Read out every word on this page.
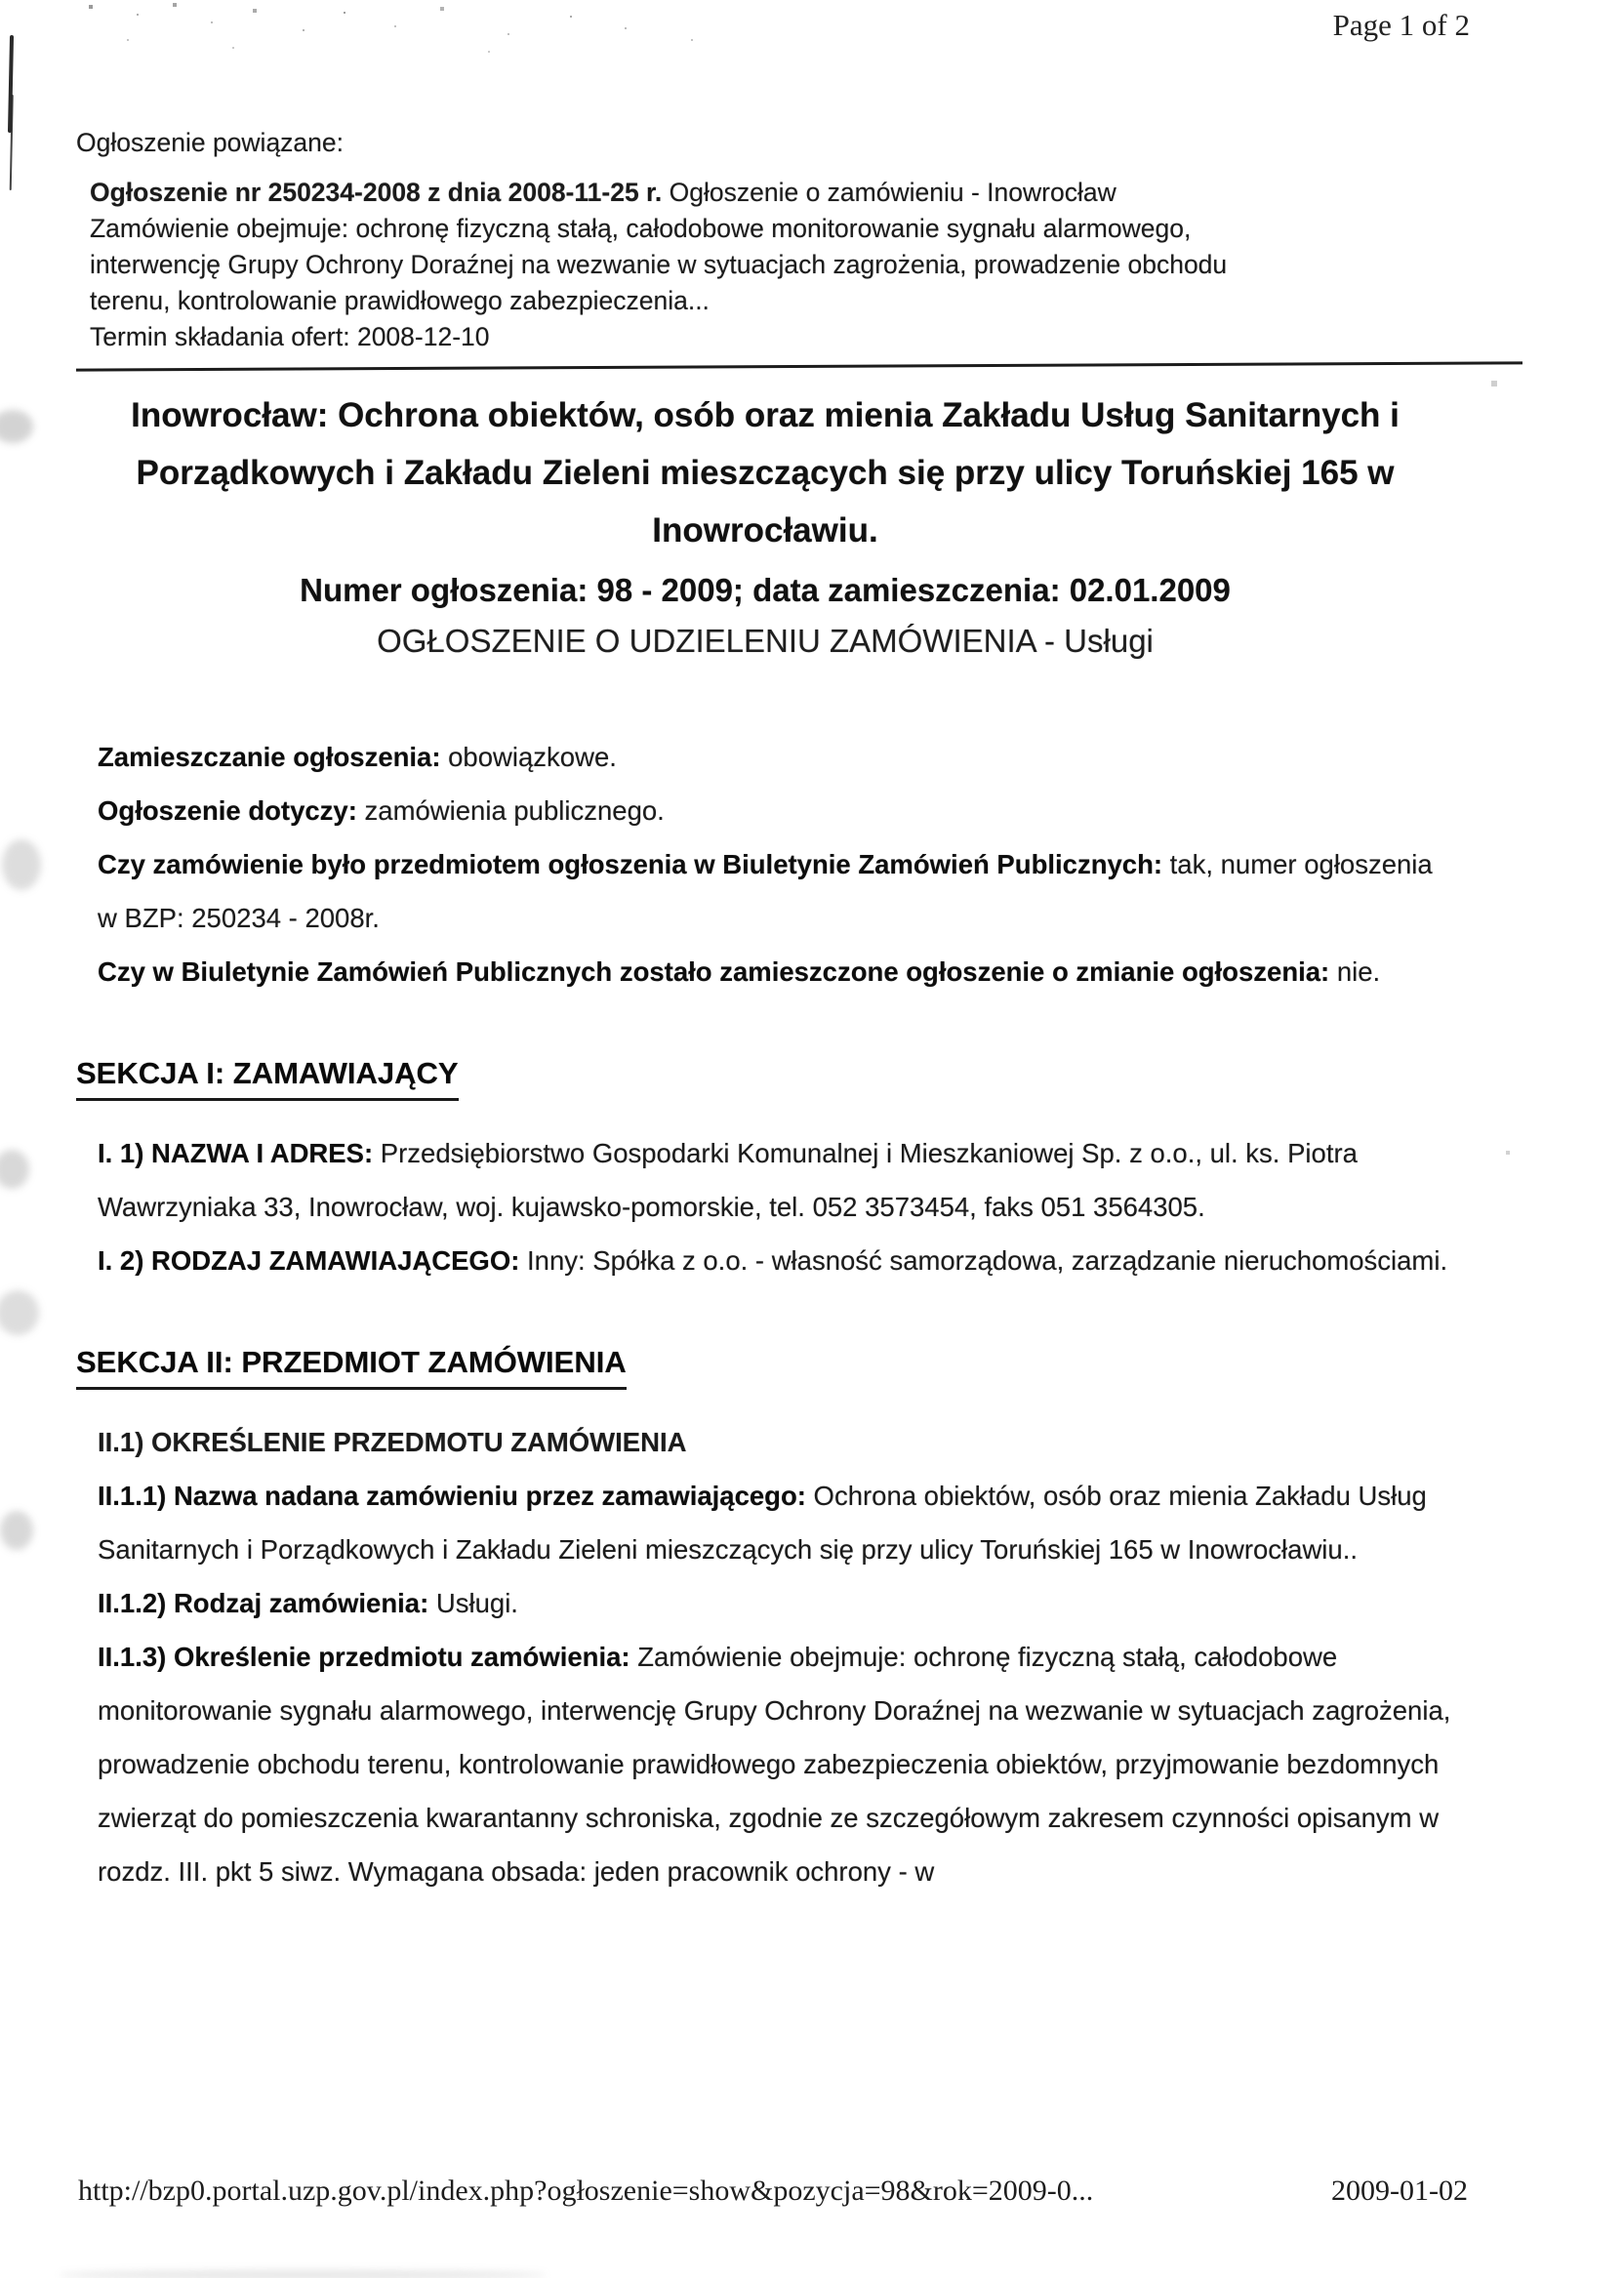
Page 1 of 2

Ogłoszenie powiązane:

Ogłoszenie nr 250234-2008 z dnia 2008-11-25 r. Ogłoszenie o zamówieniu - Inowrocław

Zamówienie obejmuje: ochronę fizyczną stałą, całodobowe monitorowanie sygnału alarmowego, interwencję Grupy Ochrony Doraźnej na wezwanie w sytuacjach zagrożenia, prowadzenie obchodu terenu, kontrolowanie prawidłowego zabezpieczenia...

Termin składania ofert: 2008-12-10

Inowrocław: Ochrona obiektów, osób oraz mienia Zakładu Usług Sanitarnych i Porządkowych i Zakładu Zieleni mieszczących się przy ulicy Toruńskiej 165 w Inowrocławiu.
Numer ogłoszenia: 98 - 2009; data zamieszczenia: 02.01.2009
OGŁOSZENIE O UDZIELENIU ZAMÓWIENIA - Usługi

Zamieszczanie ogłoszenia: obowiązkowe.

Ogłoszenie dotyczy: zamówienia publicznego.

Czy zamówienie było przedmiotem ogłoszenia w Biuletynie Zamówień Publicznych: tak, numer ogłoszenia w BZP: 250234 - 2008r.

Czy w Biuletynie Zamówień Publicznych zostało zamieszczone ogłoszenie o zmianie ogłoszenia: nie.

SEKCJA I: ZAMAWIAJĄCY

I. 1) NAZWA I ADRES: Przedsiębiorstwo Gospodarki Komunalnej i Mieszkaniowej Sp. z o.o., ul. ks. Piotra Wawrzyniaka 33, Inowrocław, woj. kujawsko-pomorskie, tel. 052 3573454, faks 051 3564305.

I. 2) RODZAJ ZAMAWIAJĄCEGO: Inny: Spółka z o.o. - własność samorządowa, zarządzanie nieruchomościami.

SEKCJA II: PRZEDMIOT ZAMÓWIENIA

II.1) OKREŚLENIE PRZEDMOTU ZAMÓWIENIA

II.1.1) Nazwa nadana zamówieniu przez zamawiającego: Ochrona obiektów, osób oraz mienia Zakładu Usług Sanitarnych i Porządkowych i Zakładu Zieleni mieszczących się przy ulicy Toruńskiej 165 w Inowrocławiu..

II.1.2) Rodzaj zamówienia: Usługi.

II.1.3) Określenie przedmiotu zamówienia: Zamówienie obejmuje: ochronę fizyczną stałą, całodobowe monitorowanie sygnału alarmowego, interwencję Grupy Ochrony Doraźnej na wezwanie w sytuacjach zagrożenia, prowadzenie obchodu terenu, kontrolowanie prawidłowego zabezpieczenia obiektów, przyjmowanie bezdomnych zwierząt do pomieszczenia kwarantanny schroniska, zgodnie ze szczegółowym zakresem czynności opisanym w rozdz. III. pkt 5 siwz. Wymagana obsada: jeden pracownik ochrony - w

http://bzp0.portal.uzp.gov.pl/index.php?ogłoszenie=show&pozycja=98&rok=2009-0...	2009-01-02
